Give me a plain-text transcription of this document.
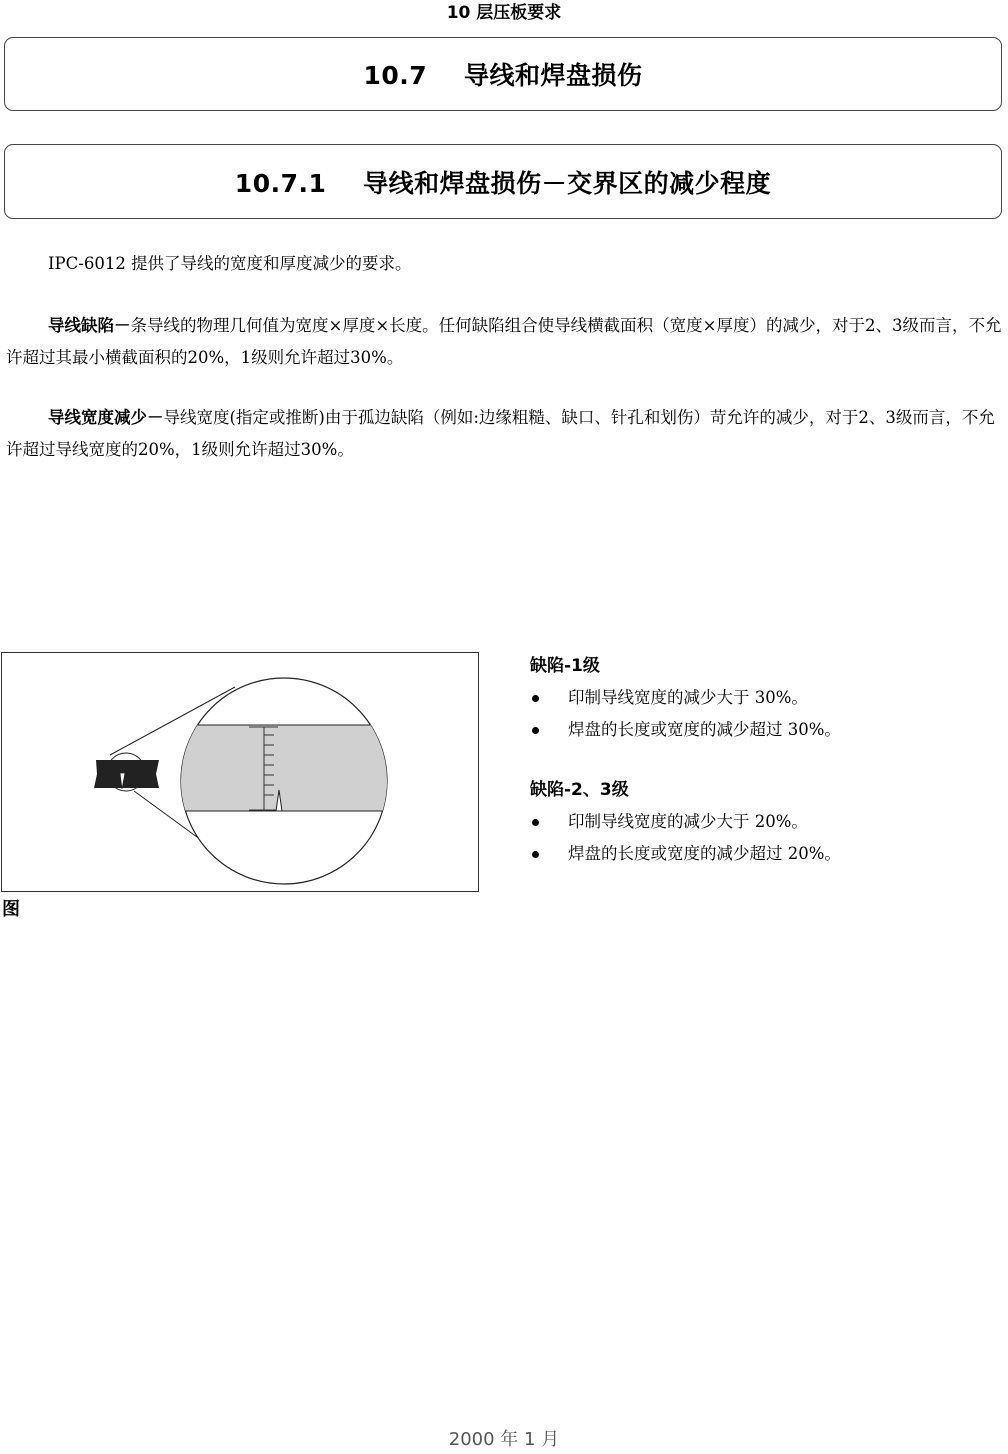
10 层压板要求
10.7    导线和焊盘损伤
10.7.1    导线和焊盘损伤－交界区的减少程度

IPC-6012 提供了导线的宽度和厚度减少的要求。

导线缺陷－条导线的物理几何值为宽度×厚度×长度。任何缺陷组合使导线横截面积（宽度×厚度）的减少，对于2、3级而言，不允许超过其最小横截面积的20%，1级则允许超过30%。

导线宽度减少－导线宽度(指定或推断)由于孤边缺陷（例如:边缘粗糙、缺口、针孔和划伤）苛允许的减少，对于2、3级而言，不允许超过导线宽度的20%，1级则允许超过30%。

图

缺陷-1级

印制导线宽度的减少大于 30%。
焊盘的长度或宽度的减少超过 30%。

缺陷-2、3级

印制导线宽度的减少大于 20%。
焊盘的长度或宽度的减少超过 20%。
2000 年 1 月
